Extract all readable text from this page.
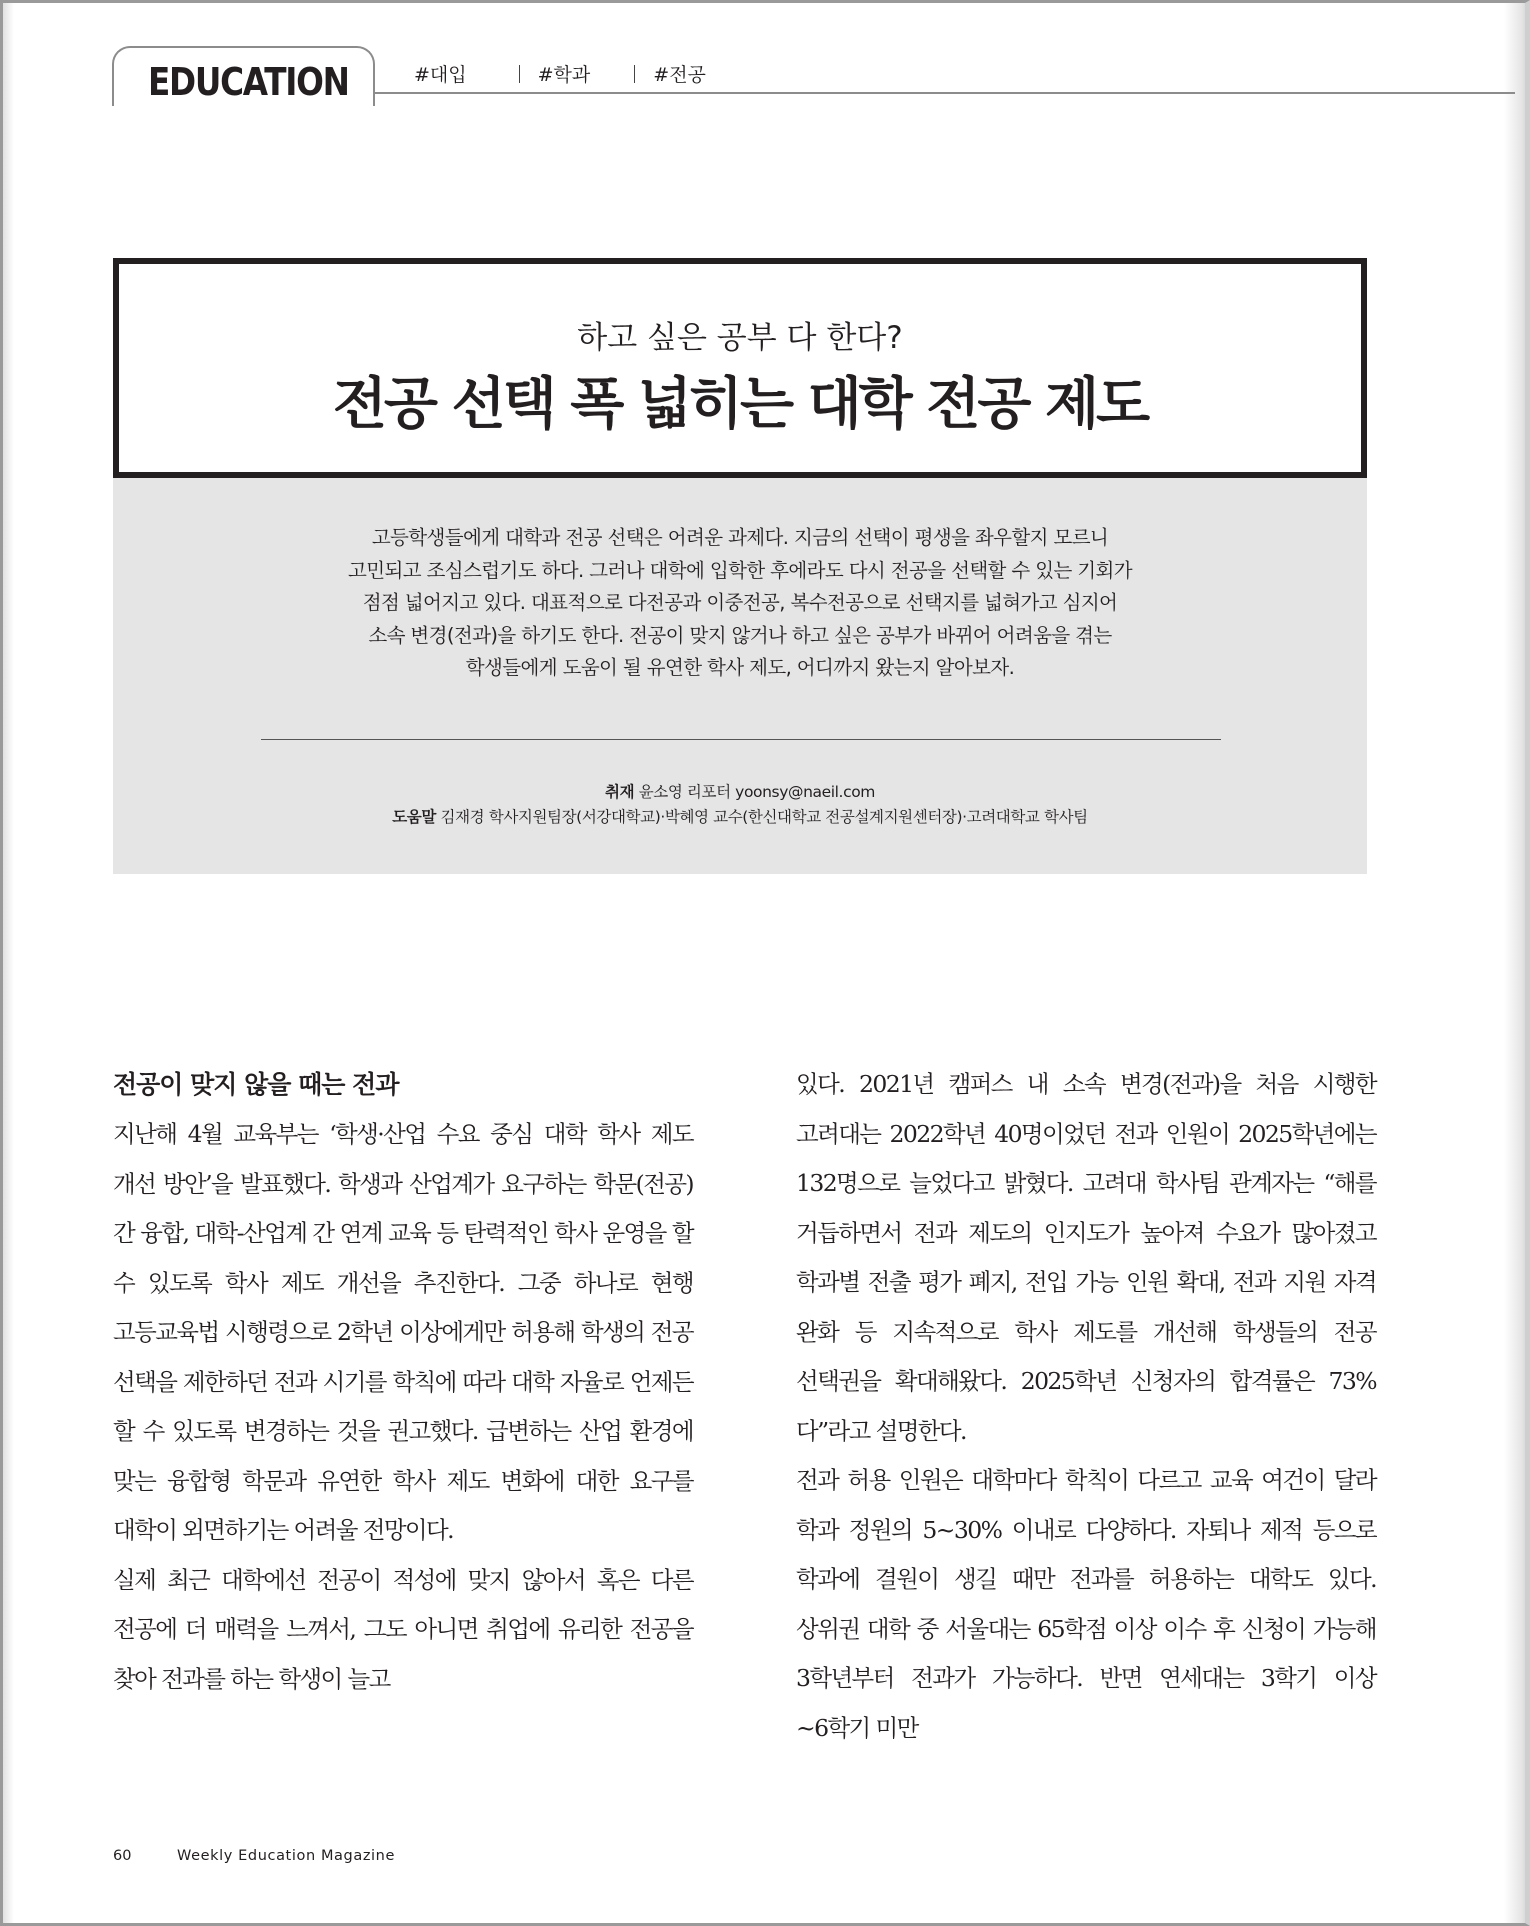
EDUCATION	#대입	#학과	#전공
하고 싶은 공부 다 한다?
전공 선택 폭 넓히는 대학 전공 제도
고등학생들에게 대학과 전공 선택은 어려운 과제다. 지금의 선택이 평생을 좌우할지 모르니
고민되고 조심스럽기도 하다. 그러나 대학에 입학한 후에라도 다시 전공을 선택할 수 있는 기회가
점점 넓어지고 있다. 대표적으로 다전공과 이중전공, 복수전공으로 선택지를 넓혀가고 심지어
소속 변경(전과)을 하기도 한다. 전공이 맞지 않거나 하고 싶은 공부가 바뀌어 어려움을 겪는
학생들에게 도움이 될 유연한 학사 제도, 어디까지 왔는지 알아보자.
취재 윤소영 리포터 yoonsy@naeil.com
도움말 김재경 학사지원팀장(서강대학교)·박혜영 교수(한신대학교 전공설계지원센터장)·고려대학교 학사팀
전공이 맞지 않을 때는 전과

지난해 4월 교육부는 ‘학생·산업 수요 중심 대학 학사 제도 개선 방안’을 발표했다. 학생과 산업계가 요구하는 학문(전공) 간 융합, 대학-산업계 간 연계 교육 등 탄력적인 학사 운영을 할 수 있도록 학사 제도 개선을 추진한다. 그중 하나로 현행 고등교육법 시행령으로 2학년 이상에게만 허용해 학생의 전공 선택을 제한하던 전과 시기를 학칙에 따라 대학 자율로 언제든 할 수 있도록 변경하는 것을 권고했다. 급변하는 산업 환경에 맞는 융합형 학문과 유연한 학사 제도 변화에 대한 요구를 대학이 외면하기는 어려울 전망이다.

실제 최근 대학에선 전공이 적성에 맞지 않아서 혹은 다른 전공에 더 매력을 느껴서, 그도 아니면 취업에 유리한 전공을 찾아 전과를 하는 학생이 늘고

있다. 2021년 캠퍼스 내 소속 변경(전과)을 처음 시행한 고려대는 2022학년 40명이었던 전과 인원이 2025학년에는 132명으로 늘었다고 밝혔다. 고려대 학사팀 관계자는 “해를 거듭하면서 전과 제도의 인지도가 높아져 수요가 많아졌고 학과별 전출 평가 폐지, 전입 가능 인원 확대, 전과 지원 자격 완화 등 지속적으로 학사 제도를 개선해 학생들의 전공 선택권을 확대해왔다. 2025학년 신청자의 합격률은 73%다”라고 설명한다.

전과 허용 인원은 대학마다 학칙이 다르고 교육 여건이 달라 학과 정원의 5~30% 이내로 다양하다. 자퇴나 제적 등으로 학과에 결원이 생길 때만 전과를 허용하는 대학도 있다. 상위권 대학 중 서울대는 65학점 이상 이수 후 신청이 가능해 3학년부터 전과가 가능하다. 반면 연세대는 3학기 이상~6학기 미만

60	Weekly Education Magazine
